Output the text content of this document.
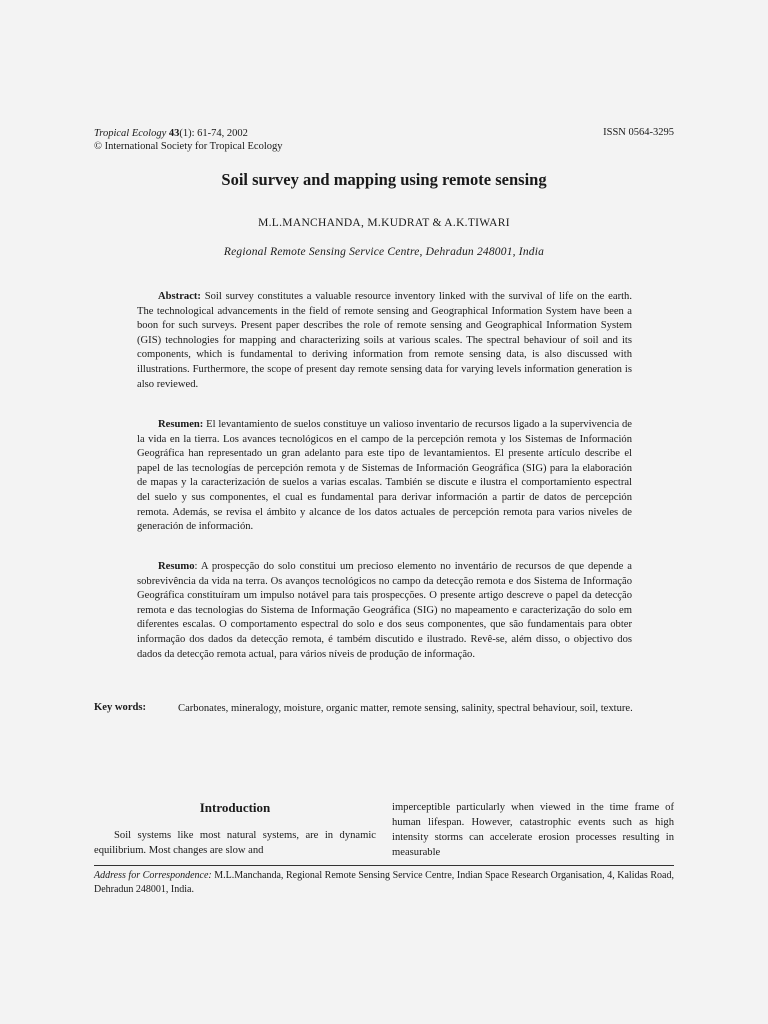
Tropical Ecology 43(1): 61-74, 2002
© International Society for Tropical Ecology
ISSN 0564-3295
Soil survey and mapping using remote sensing
M.L.MANCHANDA, M.KUDRAT & A.K.TIWARI
Regional Remote Sensing Service Centre, Dehradun 248001, India
Abstract: Soil survey constitutes a valuable resource inventory linked with the survival of life on the earth. The technological advancements in the field of remote sensing and Geographical Information System have been a boon for such surveys. Present paper describes the role of remote sensing and Geographical Information System (GIS) technologies for mapping and characterizing soils at various scales. The spectral behaviour of soil and its components, which is fundamental to deriving information from remote sensing data, is also discussed with illustrations. Furthermore, the scope of present day remote sensing data for varying levels information generation is also reviewed.
Resumen: El levantamiento de suelos constituye un valioso inventario de recursos ligado a la supervivencia de la vida en la tierra. Los avances tecnológicos en el campo de la percepción remota y los Sistemas de Información Geográfica han representado un gran adelanto para este tipo de levantamientos. El presente artículo describe el papel de las tecnologías de percepción remota y de Sistemas de Información Geográfica (SIG) para la elaboración de mapas y la caracterización de suelos a varias escalas. También se discute e ilustra el comportamiento espectral del suelo y sus componentes, el cual es fundamental para derivar información a partir de datos de percepción remota. Además, se revisa el ámbito y alcance de los datos actuales de percepción remota para varios niveles de generación de información.
Resumo: A prospecção do solo constitui um precioso elemento no inventário de recursos de que depende a sobrevivência da vida na terra. Os avanços tecnológicos no campo da detecção remota e dos Sistema de Informação Geográfica constituíram um impulso notável para tais prospecções. O presente artigo descreve o papel da detecção remota e das tecnologias do Sistema de Informação Geográfica (SIG) no mapeamento e caracterização do solo em diferentes escalas. O comportamento espectral do solo e dos seus componentes, que são fundamentais para obter informação dos dados da detecção remota, é também discutido e ilustrado. Revê-se, além disso, o objectivo dos dados da detecção remota actual, para vários níveis de produção de informação.
Key words:	Carbonates, mineralogy, moisture, organic matter, remote sensing, salinity, spectral behaviour, soil, texture.
Introduction

Soil systems like most natural systems, are in dynamic equilibrium. Most changes are slow and

imperceptible particularly when viewed in the time frame of human lifespan. However, catastrophic events such as high intensity storms can accelerate erosion processes resulting in measurable

Address for Correspondence: M.L.Manchanda, Regional Remote Sensing Service Centre, Indian Space Research Organisation, 4, Kalidas Road, Dehradun 248001, India.
